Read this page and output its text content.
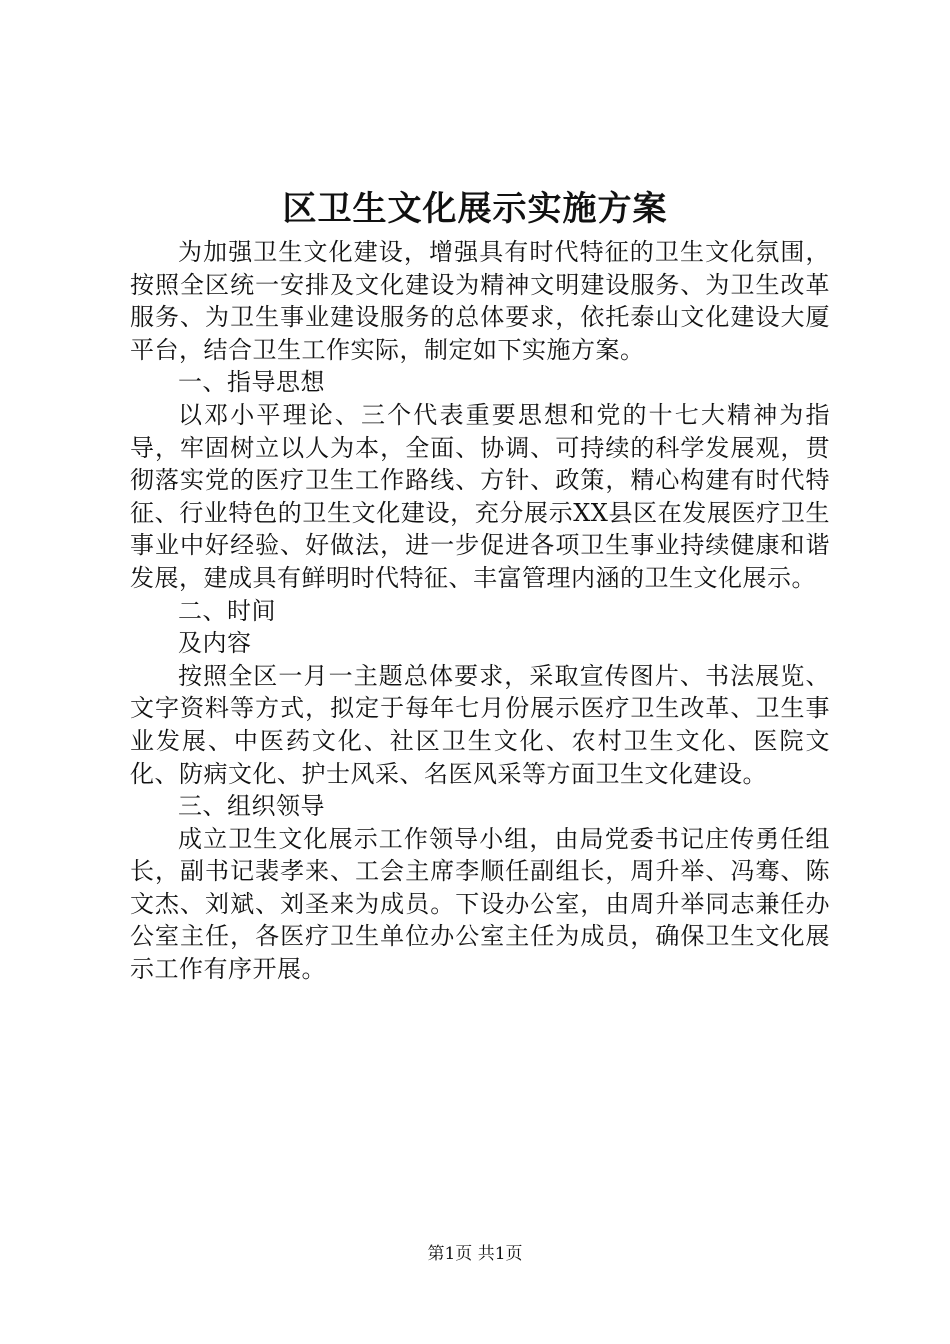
区卫生文化展示实施方案

为加强卫生文化建设，增强具有时代特征的卫生文化氛围，按照全区统一安排及文化建设为精神文明建设服务、为卫生改革服务、为卫生事业建设服务的总体要求，依托泰山文化建设大厦平台，结合卫生工作实际，制定如下实施方案。

一、指导思想

以邓小平理论、三个代表重要思想和党的十七大精神为指导，牢固树立以人为本，全面、协调、可持续的科学发展观，贯彻落实党的医疗卫生工作路线、方针、政策，精心构建有时代特征、行业特色的卫生文化建设，充分展示XX县区在发展医疗卫生事业中好经验、好做法，进一步促进各项卫生事业持续健康和谐发展，建成具有鲜明时代特征、丰富管理内涵的卫生文化展示。

二、时间

及内容

按照全区一月一主题总体要求，采取宣传图片、书法展览、文字资料等方式，拟定于每年七月份展示医疗卫生改革、卫生事业发展、中医药文化、社区卫生文化、农村卫生文化、医院文化、防病文化、护士风采、名医风采等方面卫生文化建设。

三、组织领导

成立卫生文化展示工作领导小组，由局党委书记庄传勇任组长，副书记裴孝来、工会主席李顺任副组长，周升举、冯骞、陈文杰、刘斌、刘圣来为成员。下设办公室，由周升举同志兼任办公室主任，各医疗卫生单位办公室主任为成员，确保卫生文化展示工作有序开展。

第1页 共1页
